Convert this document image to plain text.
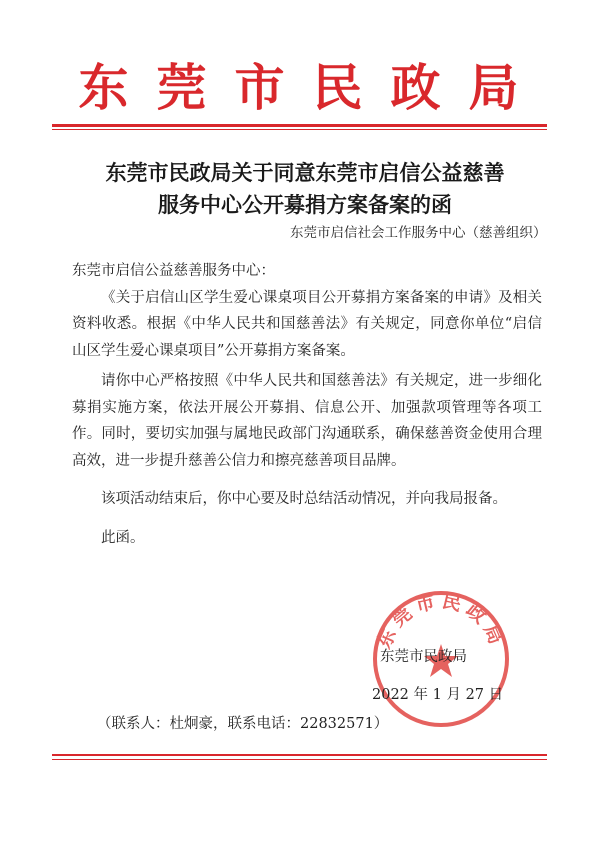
东莞市民政局
东莞市民政局关于同意东莞市启信公益慈善
服务中心公开募捐方案备案的函
东莞市启信社会工作服务中心（慈善组织）

东莞市启信公益慈善服务中心：

《关于启信山区学生爱心课桌项目公开募捐方案备案的申请》及相关资料收悉。根据《中华人民共和国慈善法》有关规定，同意你单位“启信山区学生爱心课桌项目”公开募捐方案备案。

请你中心严格按照《中华人民共和国慈善法》有关规定，进一步细化募捐实施方案，依法开展公开募捐、信息公开、加强款项管理等各项工作。同时，要切实加强与属地民政部门沟通联系，确保慈善资金使用合理高效，进一步提升慈善公信力和擦亮慈善项目品牌。

该项活动结束后，你中心要及时总结活动情况，并向我局报备。

此函。

东莞市民政局
东莞市民政局
2022 年 1 月 27 日
（联系人：杜炯豪，联系电话：22832571）
